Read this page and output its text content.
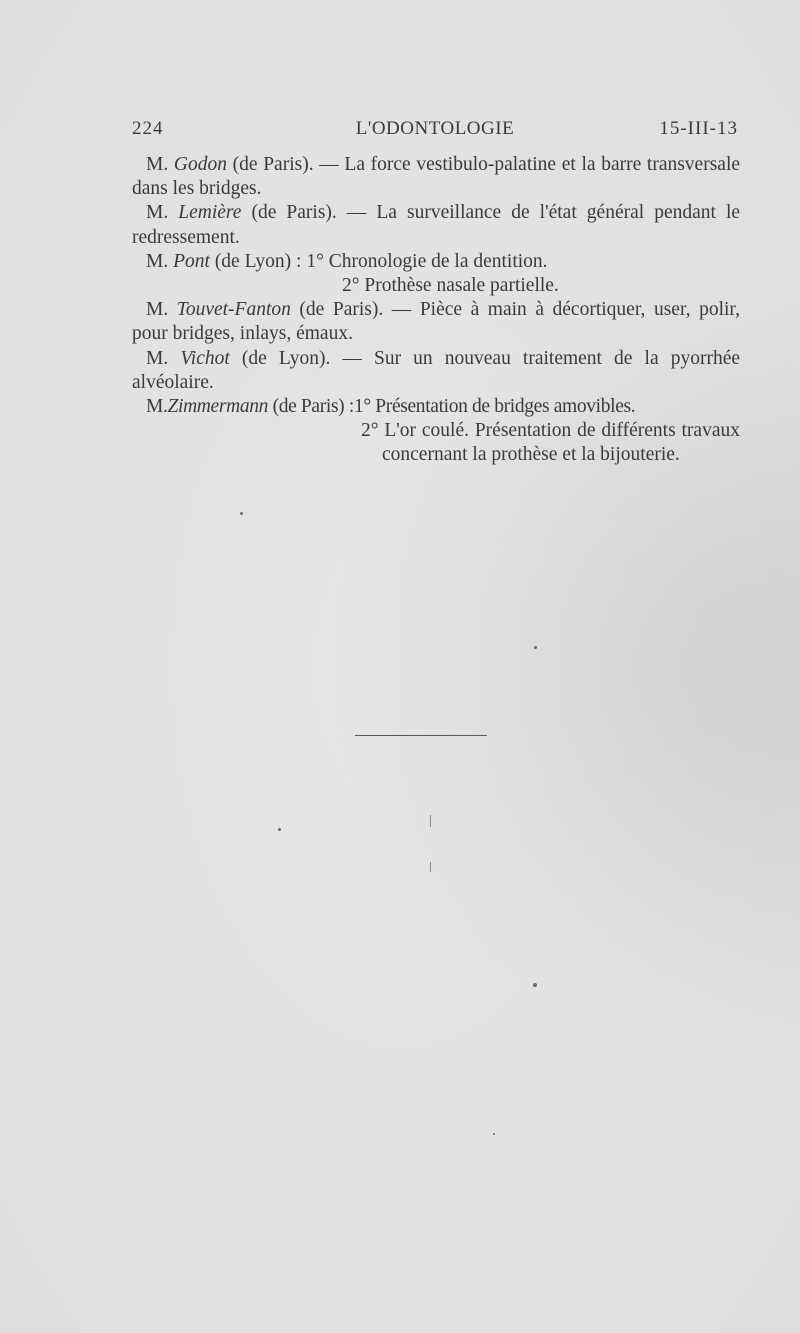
224	L'ODONTOLOGIE	15-III-13

M. Godon (de Paris). — La force vestibulo-palatine et la barre transversale dans les bridges.

M. Lemière (de Paris). — La surveillance de l'état général pendant le redressement.

M. Pont (de Lyon) : 1° Chronologie de la dentition.

2° Prothèse nasale partielle.

M. Touvet-Fanton (de Paris). — Pièce à main à décortiquer, user, polir, pour bridges, inlays, émaux.

M. Vichot (de Lyon). — Sur un nouveau traitement de la pyorrhée alvéolaire.

M.Zimmermann (de Paris) :1° Présentation de bridges amovibles.

2° L'or coulé. Présentation de différents travaux concernant la prothèse et la bijouterie.
